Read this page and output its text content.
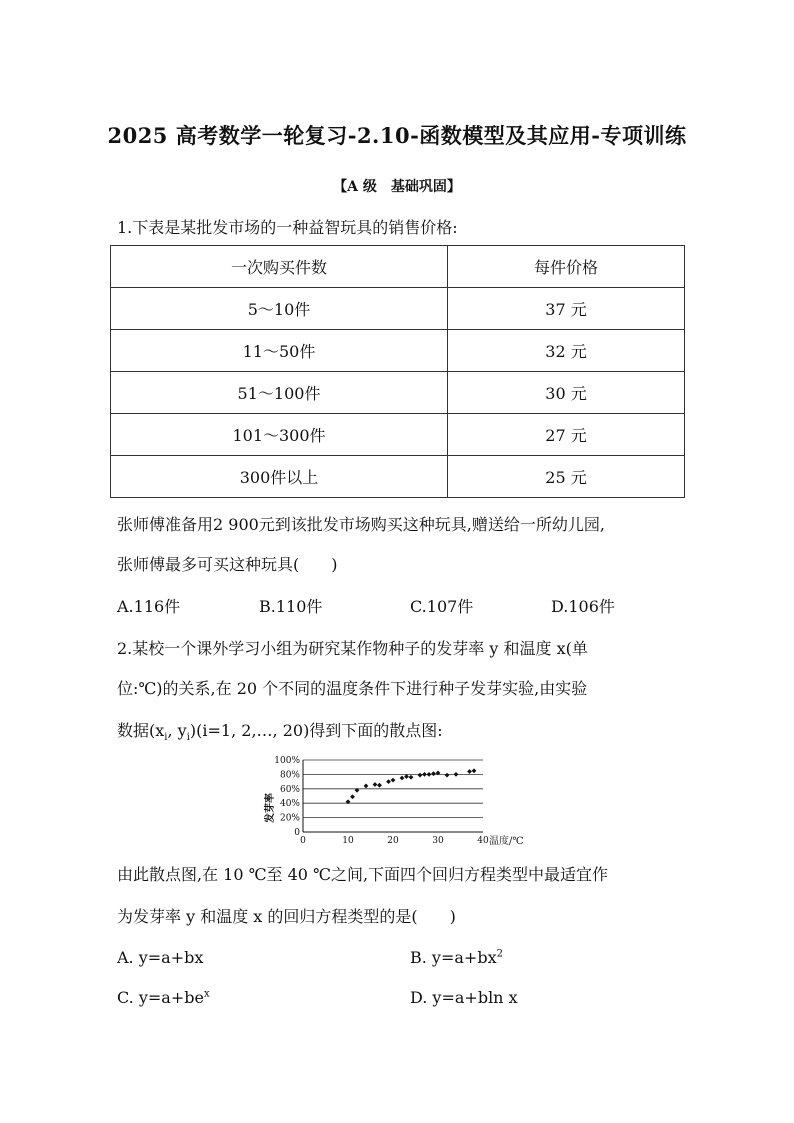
2025 高考数学一轮复习-2.10-函数模型及其应用-专项训练
【A 级　基础巩固】
1.下表是某批发市场的一种益智玩具的销售价格:
一次购买件数	每件价格
5～10件	37 元
11～50件	32 元
51～100件	30 元
101～300件	27 元
300件以上	25 元
张师傅准备用2 900元到该批发市场购买这种玩具,赠送给一所幼儿园,
张师傅最多可买这种玩具(　　)
A.116件	B.110件	C.107件	D.106件
2.某校一个课外学习小组为研究某作物种子的发芽率 y 和温度 x(单
位:℃)的关系,在 20 个不同的温度条件下进行种子发芽实验,由实验
数据($x_i$, $y_i)(i=1$, 2,…, 20)得到下面的散点图:
0
20%
40%
60%
80%
100%
0	10	20	30	40 温度/℃
发芽率
由此散点图,在 10 ℃至 40 ℃之间,下面四个回归方程类型中最适宜作
为发芽率 y 和温度 x 的回归方程类型的是(　　)
A. y=a+bx	B. $y=a+bx^2$
C. $y=a+be^x$	D. y=a+bln x
